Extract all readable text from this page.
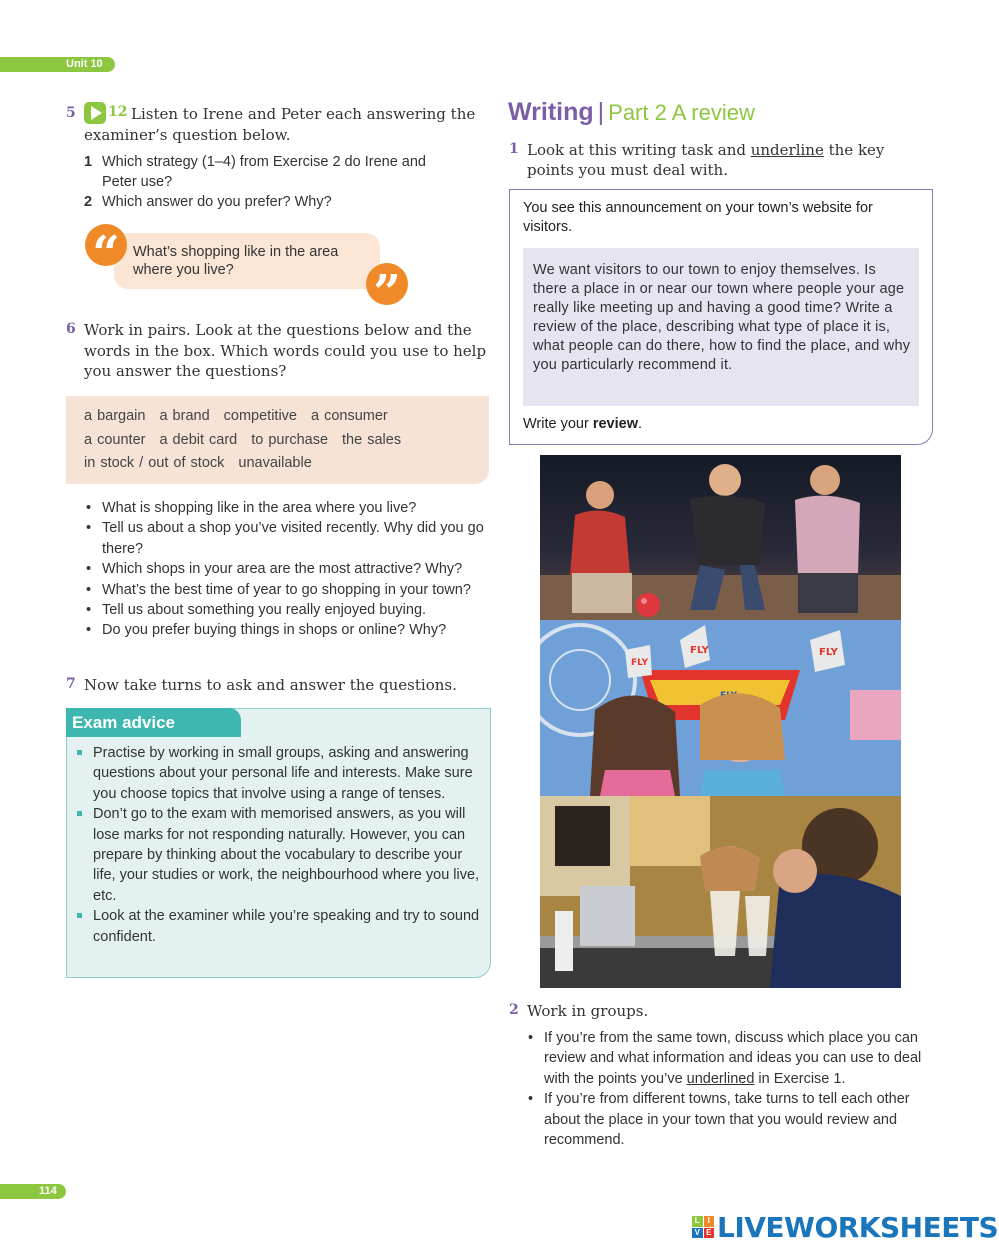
Unit 10
114
5 12 Listen to Irene and Peter each answering the
examiner’s question below.
1 Which strategy (1–4) from Exercise 2 do Irene and
Peter use?
2 Which answer do you prefer? Why?
“
”
What’s shopping like in the area
where you live?
6 Work in pairs. Look at the questions below and the
words in the box. Which words could you use to help
you answer the questions?
a bargain a brand competitive a consumer
a counter a debit card to purchase the sales
in stock / out of stock unavailable
• What is shopping like in the area where you live?
• Tell us about a shop you’ve visited recently. Why did you go there?
• Which shops in your area are the most attractive? Why?
• What’s the best time of year to go shopping in your town?
• Tell us about something you really enjoyed buying.
• Do you prefer buying things in shops or online? Why?
7 Now take turns to ask and answer the questions.
Exam advice
Practise by working in small groups, asking and answering questions about your personal life and interests. Make sure you choose topics that involve using a range of tenses.
Don’t go to the exam with memorised answers, as you will lose marks for not responding naturally. However, you can prepare by thinking about the vocabulary to describe your life, your studies or work, the neighbourhood where you live, etc.
Look at the examiner while you’re speaking and try to sound confident.
Writing | Part 2 A review
1 Look at this writing task and underline the key
points you must deal with.
You see this announcement on your town’s website for visitors.
We want visitors to our town to enjoy themselves. Is there a place in or near our town where people your age really like meeting up and having a good time? Write a review of the place, describing what type of place it is, what people can do there, how to find the place, and why you particularly recommend it.
Write your review.
FLY	FLY
FLY
2 Work in groups.
• If you’re from the same town, discuss which place you can review and what information and ideas you can use to deal with the points you’ve underlined in Exercise 1.
• If you’re from different towns, take turns to tell each other about the place in your town that you would review and recommend.
L I
V E LIVEWORKSHEETS
